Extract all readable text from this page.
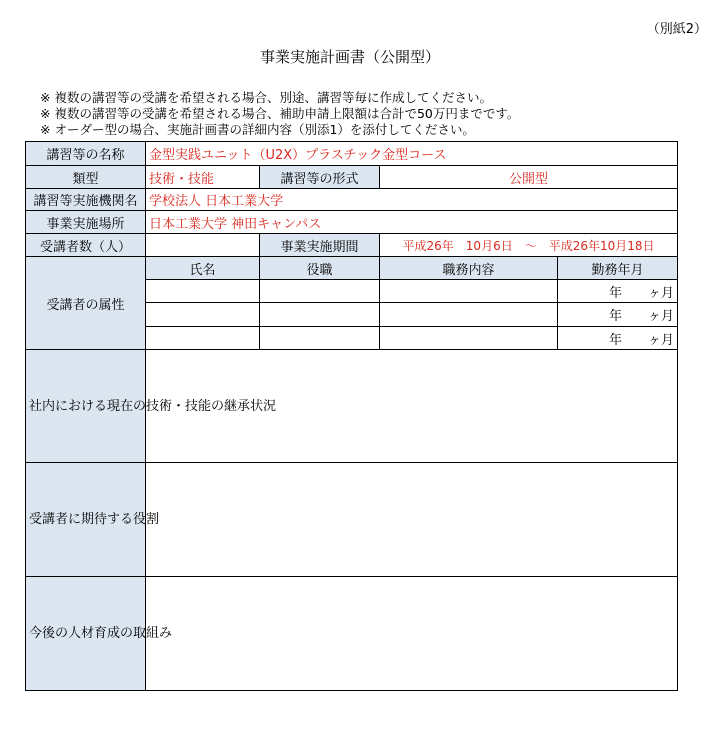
（別紙2）
事業実施計画書（公開型）
※ 複数の講習等の受講を希望される場合、別途、講習等毎に作成してください。
※ 複数の講習等の受講を希望される場合、補助申請上限額は合計で50万円までです。
※ オーダー型の場合、実施計画書の詳細内容（別添1）を添付してください。
講習等の名称	金型実践ユニット（U2X）プラスチック金型コース			
類型	技術・技能	講習等の形式	公開型	
講習等実施機関名	学校法人 日本工業大学			
事業実施場所	日本工業大学 神田キャンパス			
受講者数（人）		事業実施期間	平成26年　10月6日　～　平成26年10月18日	
受講者の属性	氏名	役職	職務内容	勤務年月
				年　　ヶ月
				年　　ヶ月
				年　　ヶ月
社内における現在の技術・技能の継承状況				
受講者に期待する役割				
今後の人材育成の取組み				
